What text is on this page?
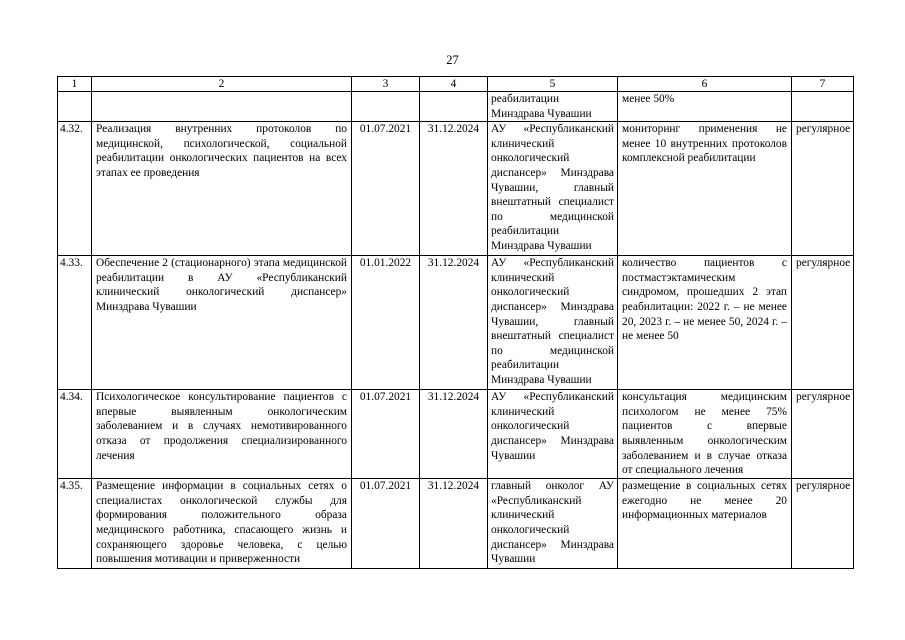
27
1	2	3	4	5	6	7
				реабилитации Минздрава Чувашии	менее 50%	
4.32.	Реализация внутренних протоколов по медицинской, психологической, социальной реабилитации онкологических пациентов на всех этапах ее проведения	01.07.2021	31.12.2024	АУ «Республиканский клинический онкологический диспансер» Минздрава Чувашии, главный внештатный специалист по медицинской реабилитации Минздрава Чувашии	мониторинг применения не менее 10 внутренних протоколов комплексной реабилитации	регулярное
4.33.	Обеспечение 2 (стационарного) этапа медицинской реабилитации в АУ «Республиканский клинический онкологический диспансер» Минздрава Чувашии	01.01.2022	31.12.2024	АУ «Республиканский клинический онкологический диспансер» Минздрава Чувашии, главный внештатный специалист по медицинской реабилитации Минздрава Чувашии	количество пациентов с постмастэктамическим синдромом, прошедших 2 этап реабилитации: 2022 г. – не менее 20, 2023 г. – не менее 50, 2024 г. – не менее 50	регулярное
4.34.	Психологическое консультирование пациентов с впервые выявленным онкологическим заболеванием и в случаях немотивированного отказа от продолжения специализированного лечения	01.07.2021	31.12.2024	АУ «Республиканский клинический онкологический диспансер» Минздрава Чувашии	консультация медицинским психологом не менее 75% пациентов с впервые выявленным онкологическим заболеванием и в случае отказа от специального лечения	регулярное
4.35.	Размещение информации в социальных сетях о специалистах онкологической службы для формирования положительного образа медицинского работника, спасающего жизнь и сохраняющего здоровье человека, с целью повышения мотивации и приверженности	01.07.2021	31.12.2024	главный онколог АУ «Республиканский клинический онкологический диспансер» Минздрава Чувашии	размещение в социальных сетях ежегодно не менее 20 информационных материалов	регулярное
